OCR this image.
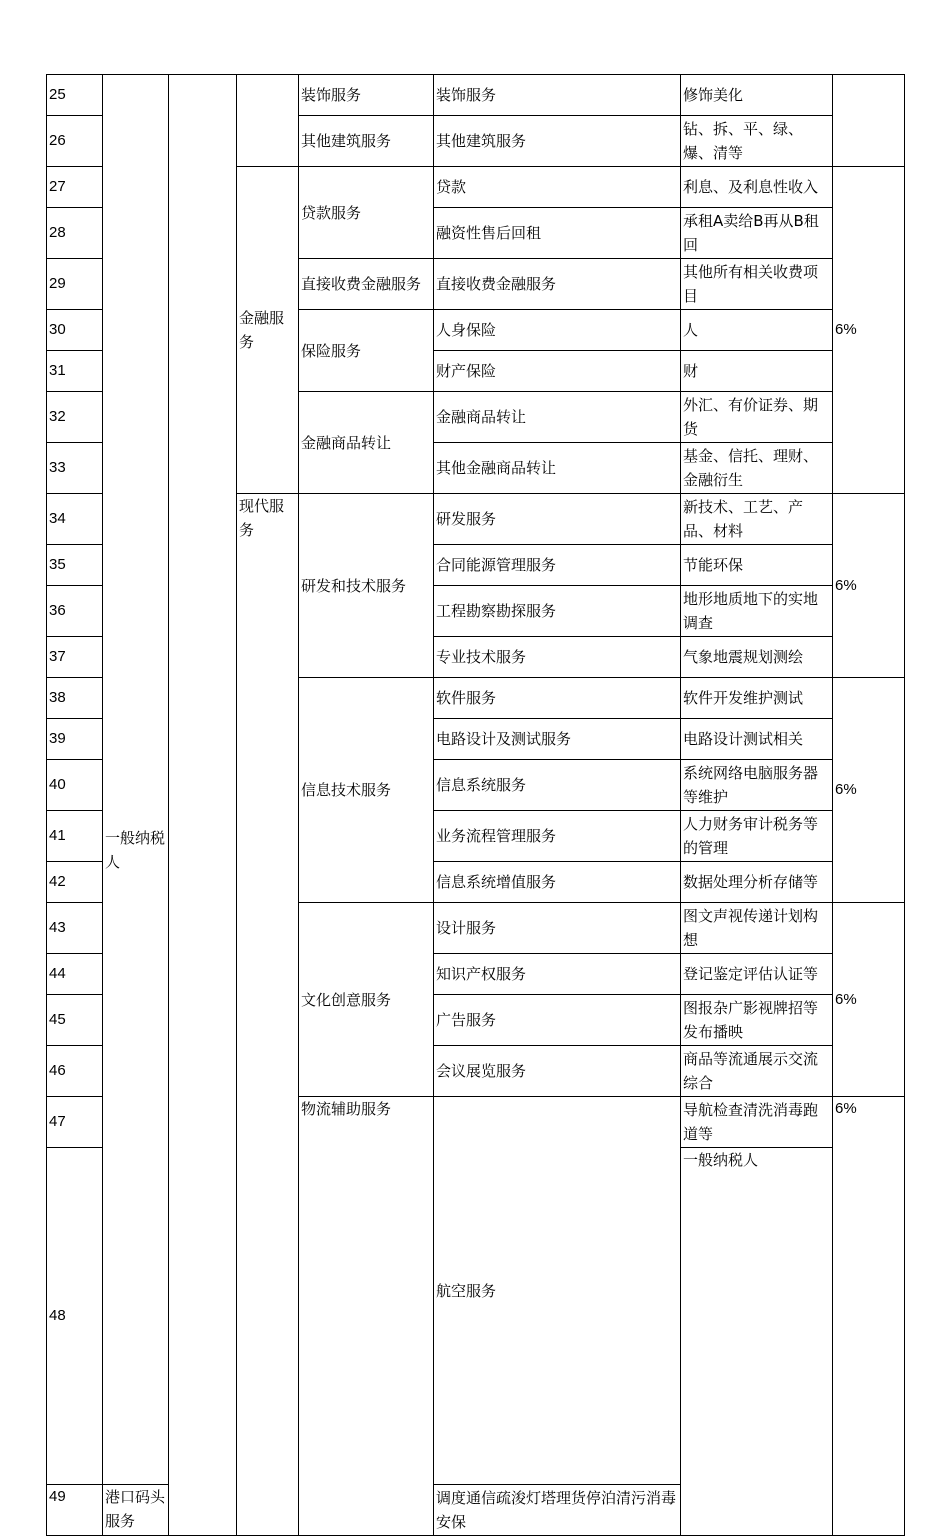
25	一般纳税人			装饰服务	装饰服务	修饰美化		
26				其他建筑服务	其他建筑服务	钻、拆、平、绿、爆、清等		
27			金融服务	贷款服务	贷款	利息、及利息性收入	6%	
28					融资性售后回租	承租A卖给B再从B租回		
29				直接收费金融服务	直接收费金融服务	其他所有相关收费项目		
30				保险服务	人身保险	人		
31					财产保险	财		
32				金融商品转让	金融商品转让	外汇、有价证券、期货		
33					其他金融商品转让	基金、信托、理财、金融衍生		
34			现代服务	研发和技术服务	研发服务	新技术、工艺、产品、材料	6%	
35					合同能源管理服务	节能环保		
36					工程勘察勘探服务	地形地质地下的实地调查		
37					专业技术服务	气象地震规划测绘		
38				信息技术服务	软件服务	软件开发维护测试	6%	
39					电路设计及测试服务	电路设计测试相关		
40					信息系统服务	系统网络电脑服务器等维护		
41					业务流程管理服务	人力财务审计税务等的管理		
42					信息系统增值服务	数据处理分析存储等		
43				文化创意服务	设计服务	图文声视传递计划构想	6%	
44					知识产权服务	登记鉴定评估认证等		
45					广告服务	图报杂广影视牌招等发布播映		
46					会议展览服务	商品等流通展示交流综合		
47				物流辅助服务	航空服务	导航检查清洗消毒跑道等	6%	
48						一般纳税人	
49	港口码头服务				调度通信疏浚灯塔理货停泊清污消毒安保			
